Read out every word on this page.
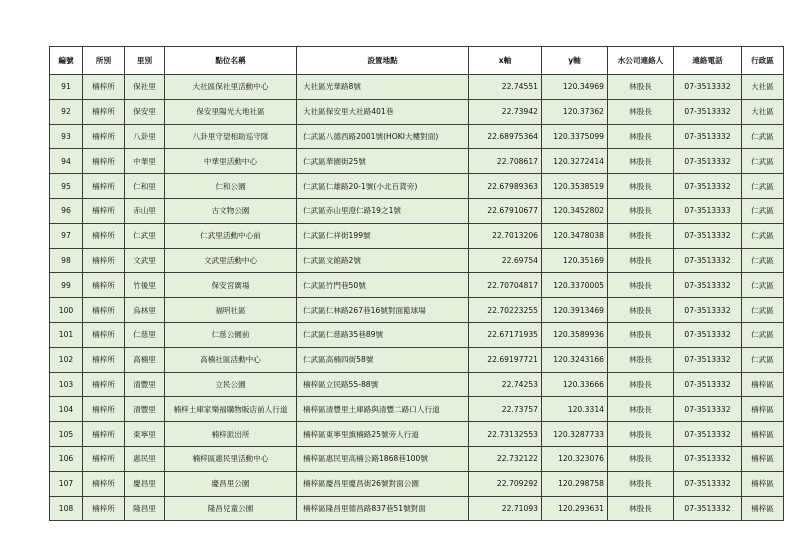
編號	所別	里別	點位名稱	設置地點	x軸	y軸	水公司連絡人	連絡電話	行政區
91	楠梓所	保社里	大社區保社里活動中心	大社區光華路8號	22.74551	120.34969	林股長	07-3513332	大社區
92	楠梓所	保安里	保安里陽光大地社區	大社區保安里大社路401巷	22.73942	120.37362	林股長	07-3513332	大社區
93	楠梓所	八卦里	八卦里守望相助巡守隊	仁武區八德西路2001號(HOKI大樓對面)	22.68975364	120.3375099	林股長	07-3513332	仁武區
94	楠梓所	中華里	中華里活動中心	仁武區華園街25號	22.708617	120.3272414	林股長	07-3513332	仁武區
95	楠梓所	仁和里	仁和公園	仁武區仁雄路20-1號(小北百貨旁)	22.67989363	120.3538519	林股長	07-3513332	仁武區
96	楠梓所	赤山里	古文物公園	仁武區赤山里澄仁路19之1號	22.67910677	120.3452802	林股長	07-3513333	仁武區
97	楠梓所	仁武里	仁武里活動中心前	仁武區仁祥街199號	22.7013206	120.3478038	林股長	07-3513332	仁武區
98	楠梓所	文武里	文武里活動中心	仁武區文館路2號	22.69754	120.35169	林股長	07-3513332	仁武區
99	楠梓所	竹後里	保安宮廣場	仁武區竹門巷50號	22.70704817	120.3370005	林股長	07-3513332	仁武區
100	楠梓所	烏林里	福明社區	仁武區仁林路267巷16號對面籃球場	22.70223255	120.3913469	林股長	07-3513332	仁武區
101	楠梓所	仁慈里	仁慈公園前	仁武區仁慈路35巷89號	22.67171935	120.3589936	林股長	07-3513332	仁武區
102	楠梓所	高楠里	高楠社區活動中心	仁武區高楠四街58號	22.69197721	120.3243166	林股長	07-3513332	仁武區
103	楠梓所	清豐里	立民公園	楠梓區立民路55-88號	22.74253	120.33666	林股長	07-3513332	楠梓區
104	楠梓所	清豐里	楠梓土庫家樂福購物販店前人行道	楠梓區清豐里土庫路與清豐二路口人行道	22.73757	120.3314	林股長	07-3513332	楠梓區
105	楠梓所	東寧里	楠梓派出所	楠梓區東寧里旗楠路25號旁人行道	22.73132553	120.3287733	林股長	07-3513332	楠梓區
106	楠梓所	惠民里	楠梓區惠民里活動中心	楠梓區惠民里高楠公路1868巷100號	22.732122	120.323076	林股長	07-3513332	楠梓區
107	楠梓所	慶昌里	慶昌里公園	楠梓區慶昌里慶昌街26號對面公園	22.709292	120.298758	林股長	07-3513332	楠梓區
108	楠梓所	隆昌里	隆昌兒童公園	楠梓區隆昌里德昌路837巷51號對面	22.71093	120.293631	林股長	07-3513332	楠梓區
